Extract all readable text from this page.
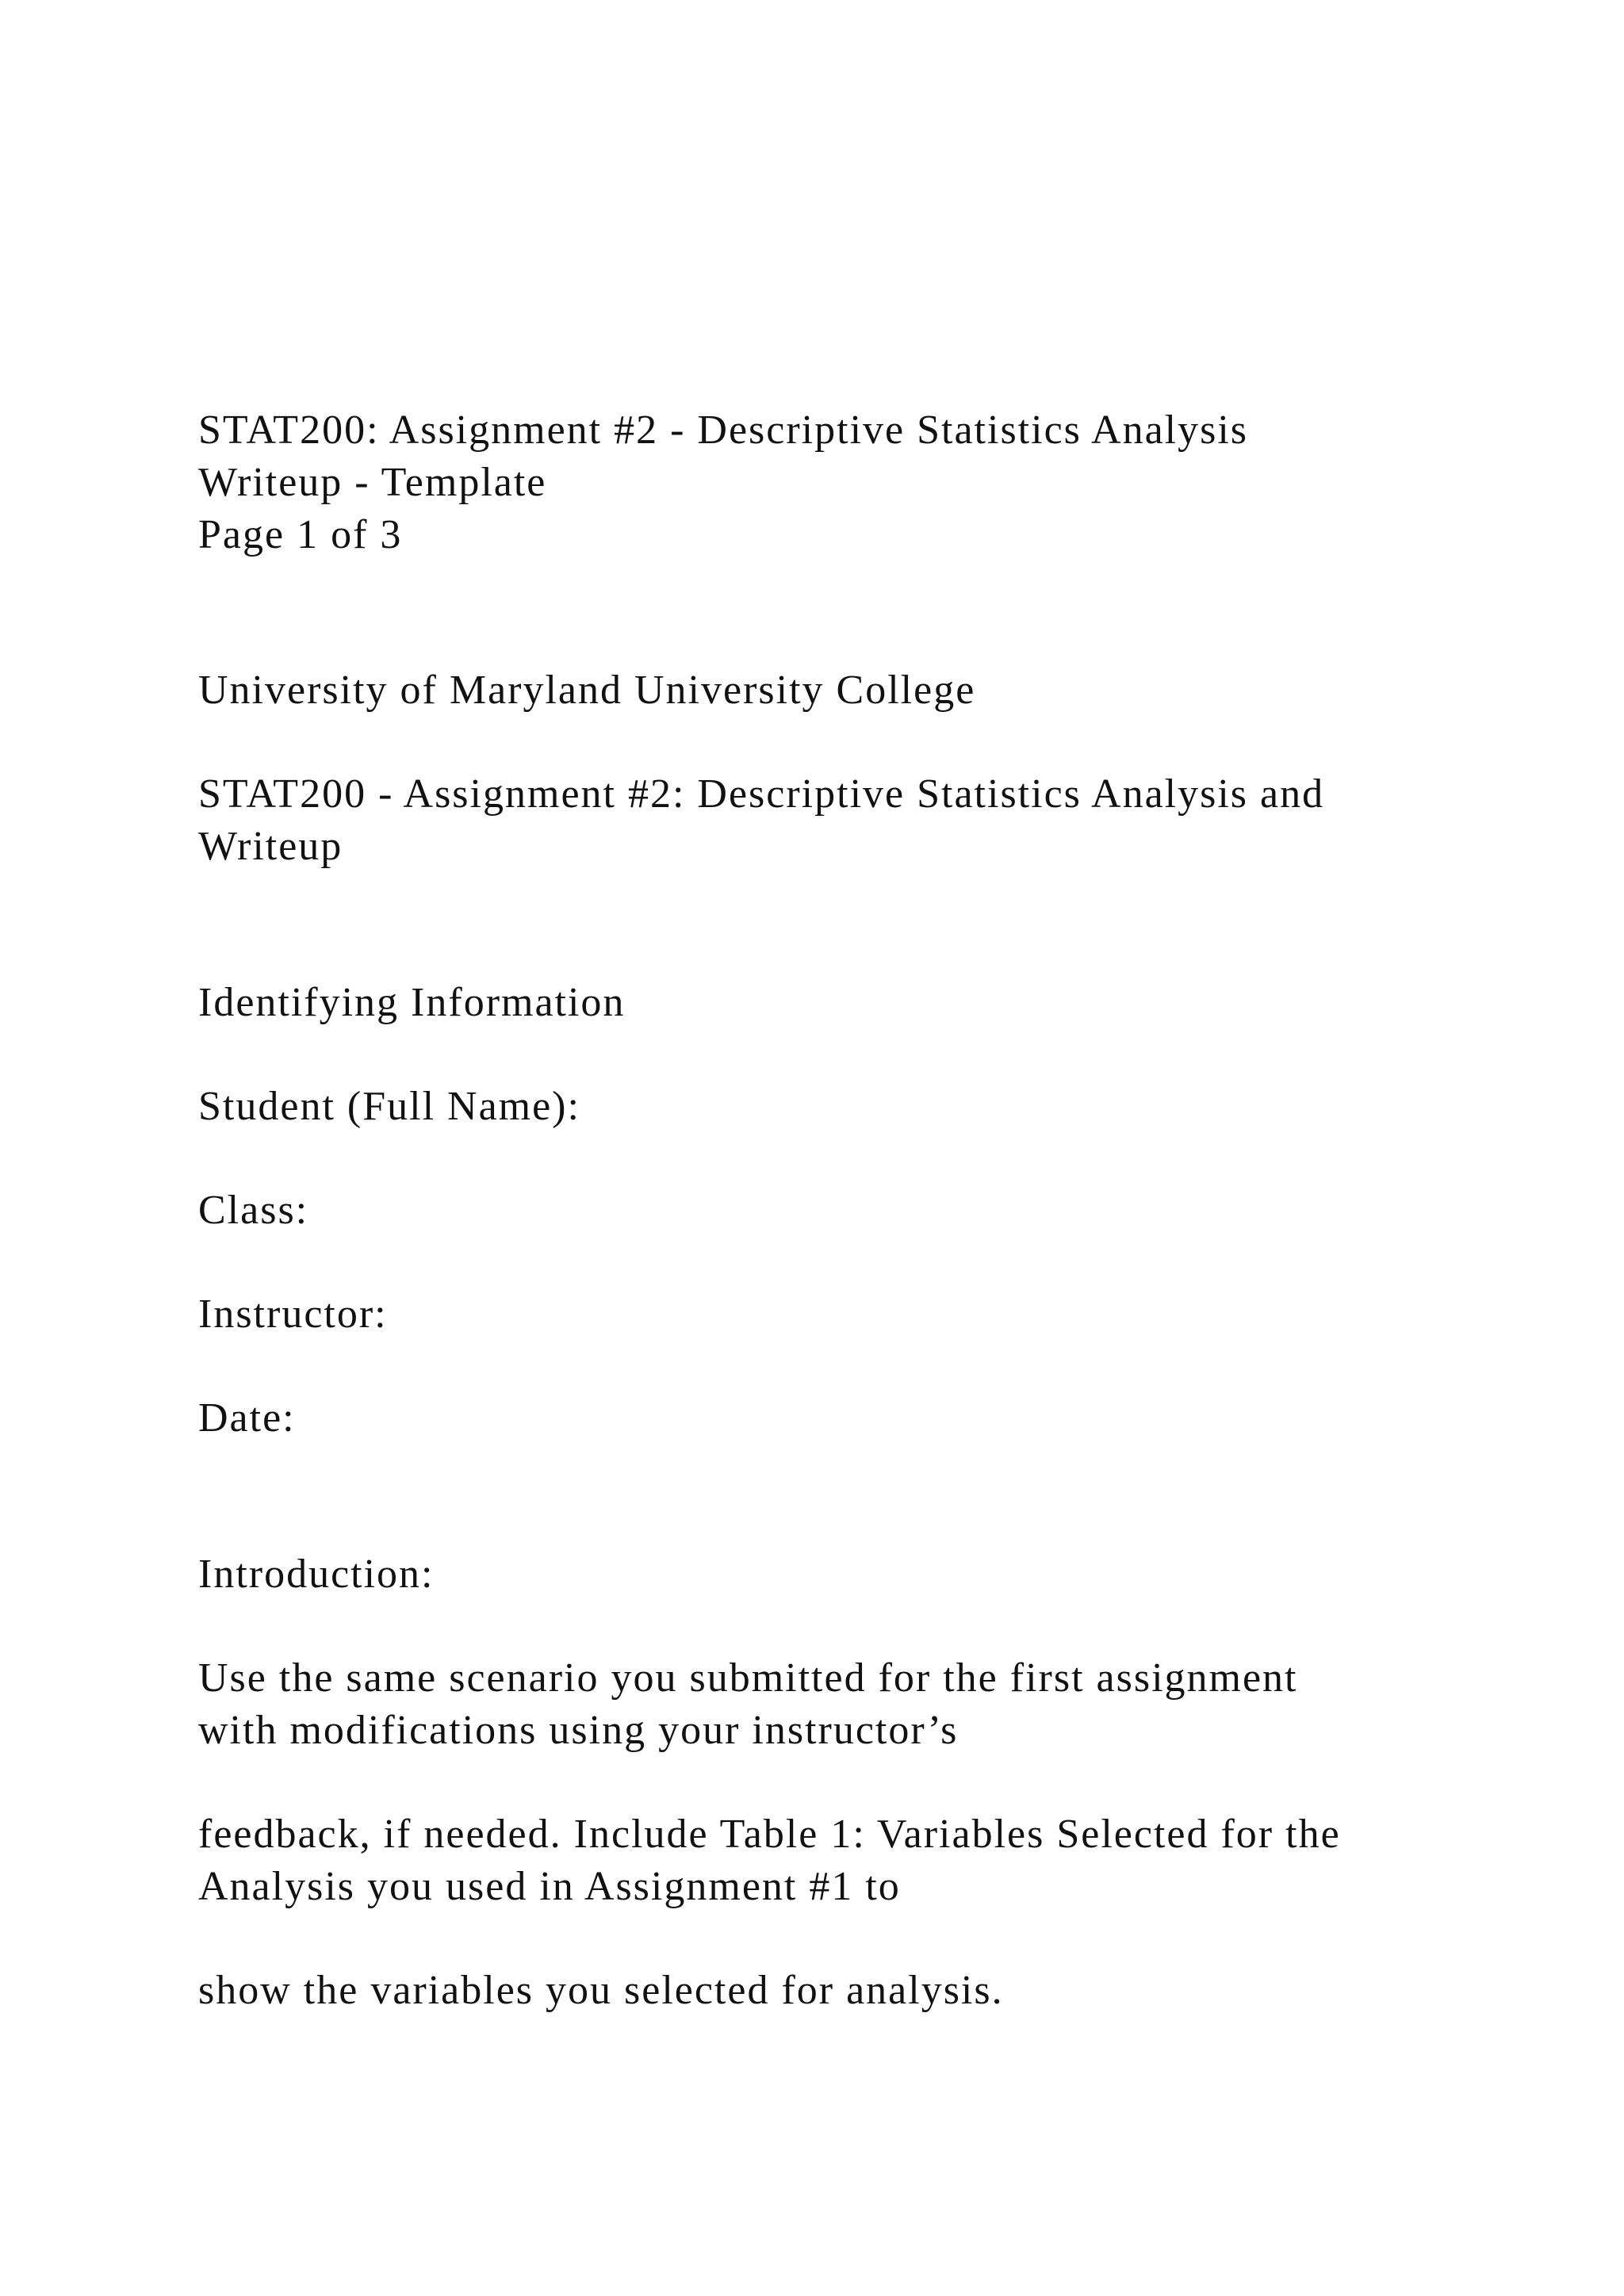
STAT200: Assignment #2 - Descriptive Statistics Analysis
Writeup - Template
Page 1 of 3

University of Maryland University College

STAT200 - Assignment #2: Descriptive Statistics Analysis and
Writeup

Identifying Information

Student (Full Name):

Class:

Instructor:

Date:

Introduction:

Use the same scenario you submitted for the first assignment
with modifications using your instructor’s

feedback, if needed. Include Table 1: Variables Selected for the
Analysis you used in Assignment #1 to

show the variables you selected for analysis.
